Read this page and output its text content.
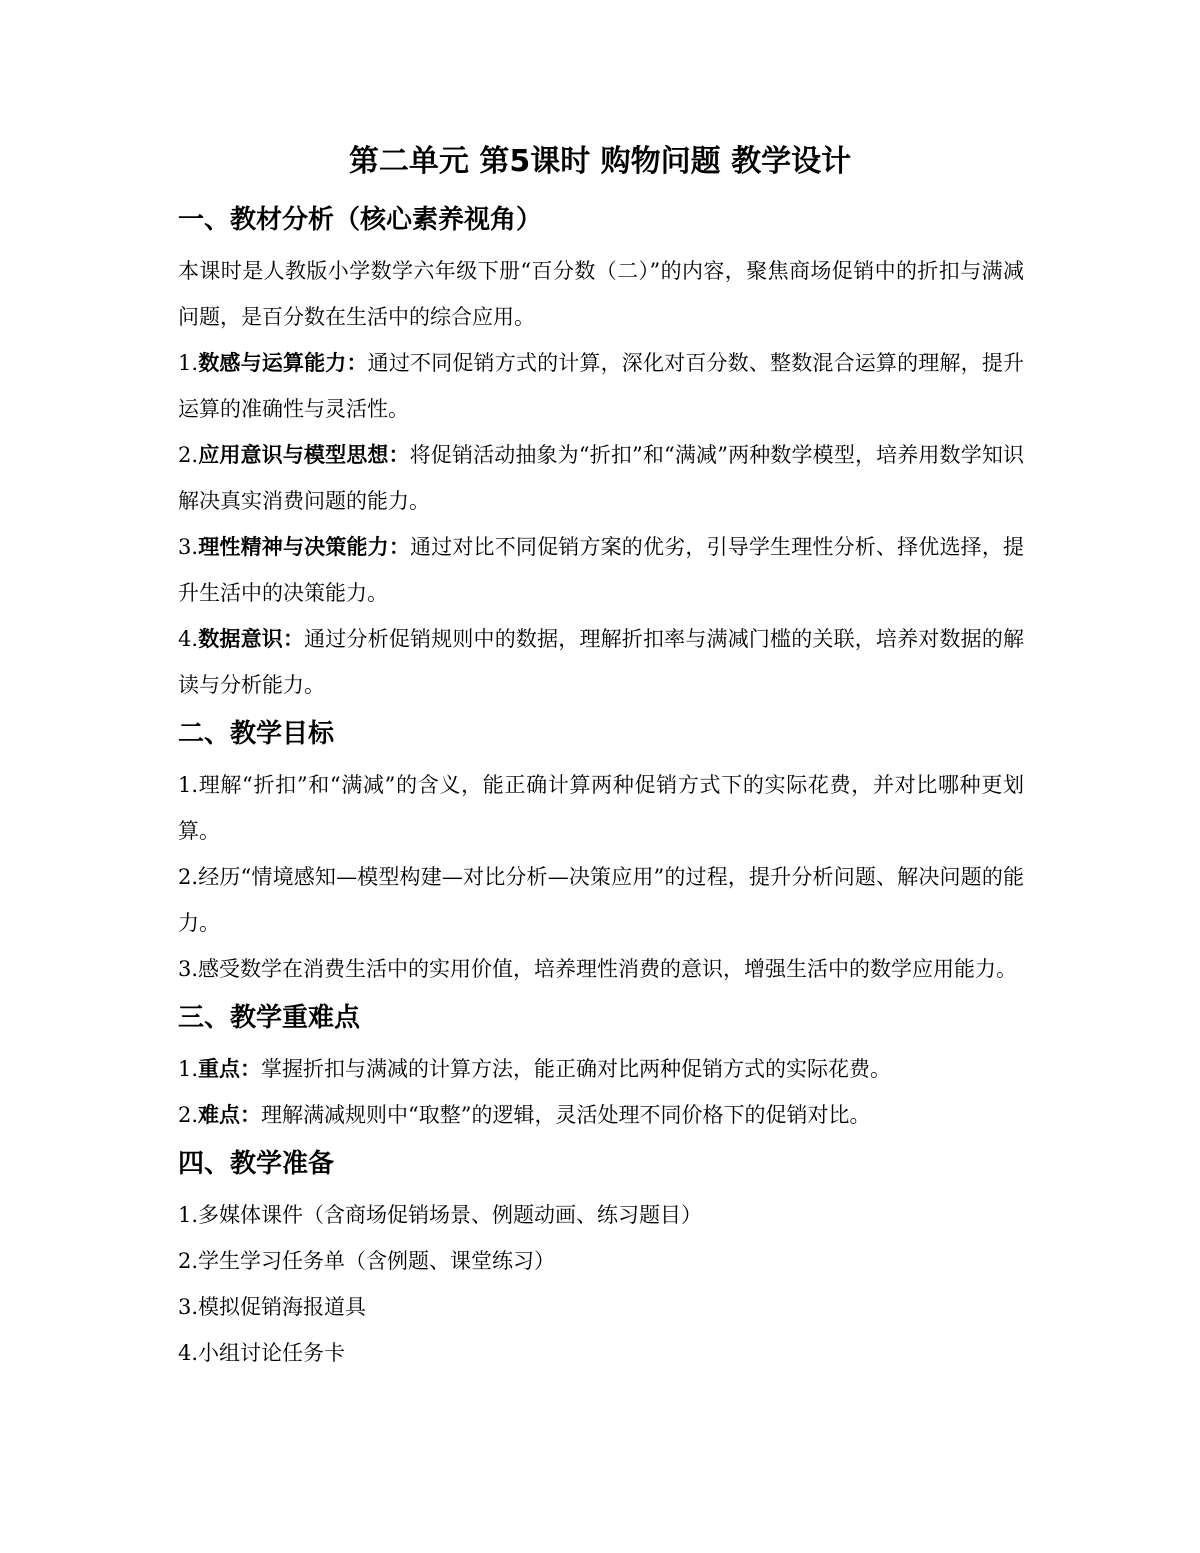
第二单元 第5课时 购物问题 教学设计
一、教材分析（核心素养视角）

本课时是人教版小学数学六年级下册“百分数（二）”的内容，聚焦商场促销中的折扣与满减问题，是百分数在生活中的综合应用。

1.数感与运算能力：通过不同促销方式的计算，深化对百分数、整数混合运算的理解，提升运算的准确性与灵活性。

2.应用意识与模型思想：将促销活动抽象为“折扣”和“满减”两种数学模型，培养用数学知识解决真实消费问题的能力。

3.理性精神与决策能力：通过对比不同促销方案的优劣，引导学生理性分析、择优选择，提升生活中的决策能力。

4.数据意识：通过分析促销规则中的数据，理解折扣率与满减门槛的关联，培养对数据的解读与分析能力。

二、教学目标

1.理解“折扣”和“满减”的含义，能正确计算两种促销方式下的实际花费，并对比哪种更划算。

2.经历“情境感知—模型构建—对比分析—决策应用”的过程，提升分析问题、解决问题的能力。

3.感受数学在消费生活中的实用价值，培养理性消费的意识，增强生活中的数学应用能力。

三、教学重难点

1.重点：掌握折扣与满减的计算方法，能正确对比两种促销方式的实际花费。

2.难点：理解满减规则中“取整”的逻辑，灵活处理不同价格下的促销对比。

四、教学准备

1.多媒体课件（含商场促销场景、例题动画、练习题目）

2.学生学习任务单（含例题、课堂练习）

3.模拟促销海报道具

4.小组讨论任务卡
